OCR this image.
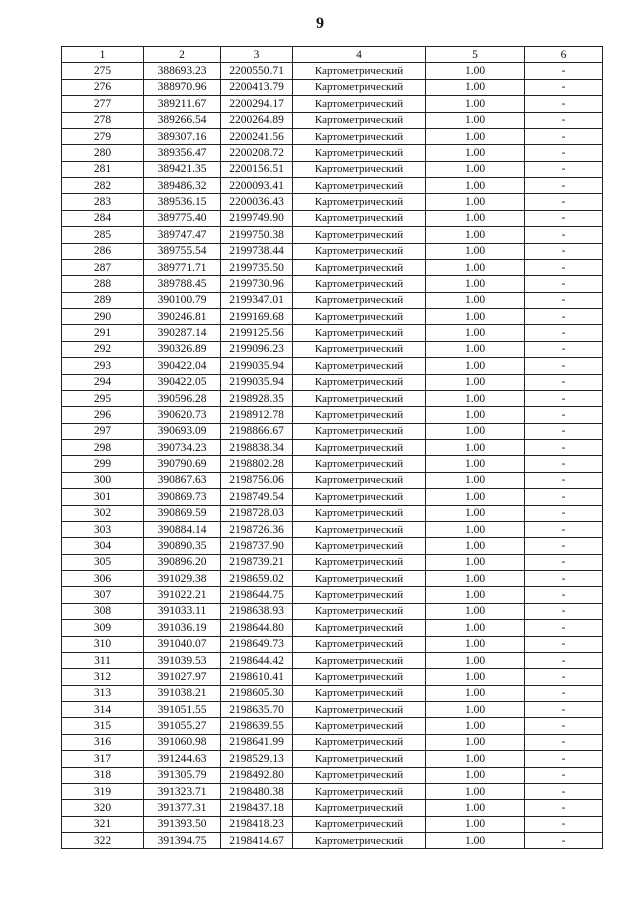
9
1	2	3	4	5	6
275	388693.23	2200550.71	Картометрический	1.00	-
276	388970.96	2200413.79	Картометрический	1.00	-
277	389211.67	2200294.17	Картометрический	1.00	-
278	389266.54	2200264.89	Картометрический	1.00	-
279	389307.16	2200241.56	Картометрический	1.00	-
280	389356.47	2200208.72	Картометрический	1.00	-
281	389421.35	2200156.51	Картометрический	1.00	-
282	389486.32	2200093.41	Картометрический	1.00	-
283	389536.15	2200036.43	Картометрический	1.00	-
284	389775.40	2199749.90	Картометрический	1.00	-
285	389747.47	2199750.38	Картометрический	1.00	-
286	389755.54	2199738.44	Картометрический	1.00	-
287	389771.71	2199735.50	Картометрический	1.00	-
288	389788.45	2199730.96	Картометрический	1.00	-
289	390100.79	2199347.01	Картометрический	1.00	-
290	390246.81	2199169.68	Картометрический	1.00	-
291	390287.14	2199125.56	Картометрический	1.00	-
292	390326.89	2199096.23	Картометрический	1.00	-
293	390422.04	2199035.94	Картометрический	1.00	-
294	390422.05	2199035.94	Картометрический	1.00	-
295	390596.28	2198928.35	Картометрический	1.00	-
296	390620.73	2198912.78	Картометрический	1.00	-
297	390693.09	2198866.67	Картометрический	1.00	-
298	390734.23	2198838.34	Картометрический	1.00	-
299	390790.69	2198802.28	Картометрический	1.00	-
300	390867.63	2198756.06	Картометрический	1.00	-
301	390869.73	2198749.54	Картометрический	1.00	-
302	390869.59	2198728.03	Картометрический	1.00	-
303	390884.14	2198726.36	Картометрический	1.00	-
304	390890.35	2198737.90	Картометрический	1.00	-
305	390896.20	2198739.21	Картометрический	1.00	-
306	391029.38	2198659.02	Картометрический	1.00	-
307	391022.21	2198644.75	Картометрический	1.00	-
308	391033.11	2198638.93	Картометрический	1.00	-
309	391036.19	2198644.80	Картометрический	1.00	-
310	391040.07	2198649.73	Картометрический	1.00	-
311	391039.53	2198644.42	Картометрический	1.00	-
312	391027.97	2198610.41	Картометрический	1.00	-
313	391038.21	2198605.30	Картометрический	1.00	-
314	391051.55	2198635.70	Картометрический	1.00	-
315	391055.27	2198639.55	Картометрический	1.00	-
316	391060.98	2198641.99	Картометрический	1.00	-
317	391244.63	2198529.13	Картометрический	1.00	-
318	391305.79	2198492.80	Картометрический	1.00	-
319	391323.71	2198480.38	Картометрический	1.00	-
320	391377.31	2198437.18	Картометрический	1.00	-
321	391393.50	2198418.23	Картометрический	1.00	-
322	391394.75	2198414.67	Картометрический	1.00	-
